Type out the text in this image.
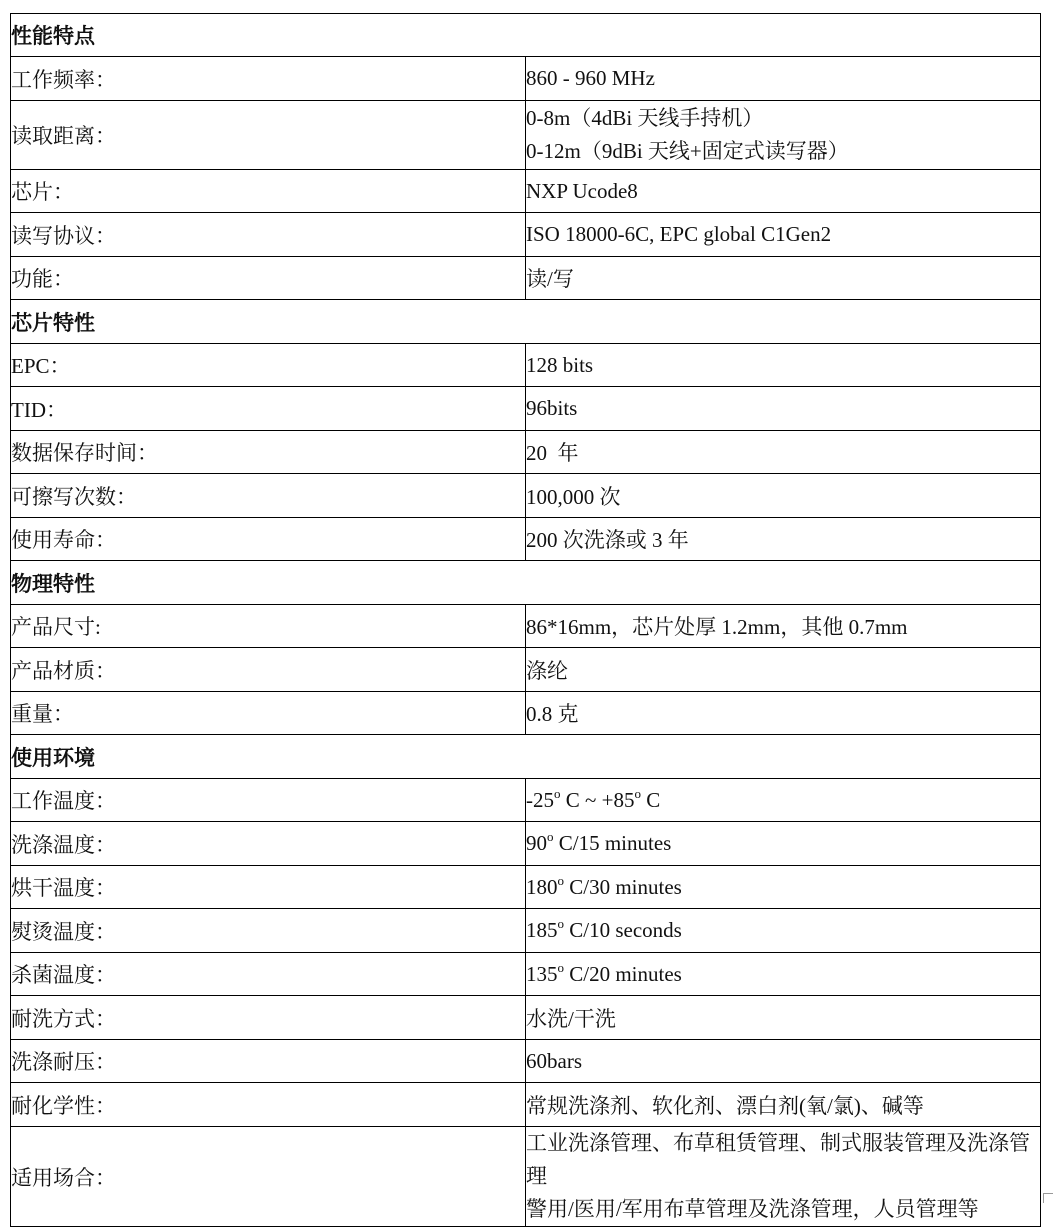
性能特点	
工作频率：	860 - 960 MHz
读取距离：	0-8m（4dBi 天线手持机）
0-12m（9dBi 天线+固定式读写器）

芯片：	NXP Ucode8
读写协议：	ISO 18000-6C, EPC global C1Gen2
功能：	读/写
芯片特性	
EPC：	128 bits
TID：	96bits
数据保存时间：	20  年
可擦写次数：	100,000 次
使用寿命：	200 次洗涤或 3 年
物理特性	
产品尺寸:	86*16mm，芯片处厚 1.2mm，其他 0.7mm
产品材质：	涤纶
重量：	0.8 克
使用环境	
工作温度：	-25$^o$ C ~ $+85^o$ C
洗涤温度：	90$^o$ C/15 minutes
烘干温度：	180$^o$ C/30 minutes
熨烫温度：	185$^o$ C/10 seconds
杀菌温度：	135$^o$ C/20 minutes
耐洗方式：	水洗/干洗
洗涤耐压：	60bars
耐化学性：	常规洗涤剂、软化剂、漂白剂(氧/氯)、碱等
适用场合：	工业洗涤管理、布草租赁管理、制式服装管理及洗涤管理
警用/医用/军用布草管理及洗涤管理，人员管理等
